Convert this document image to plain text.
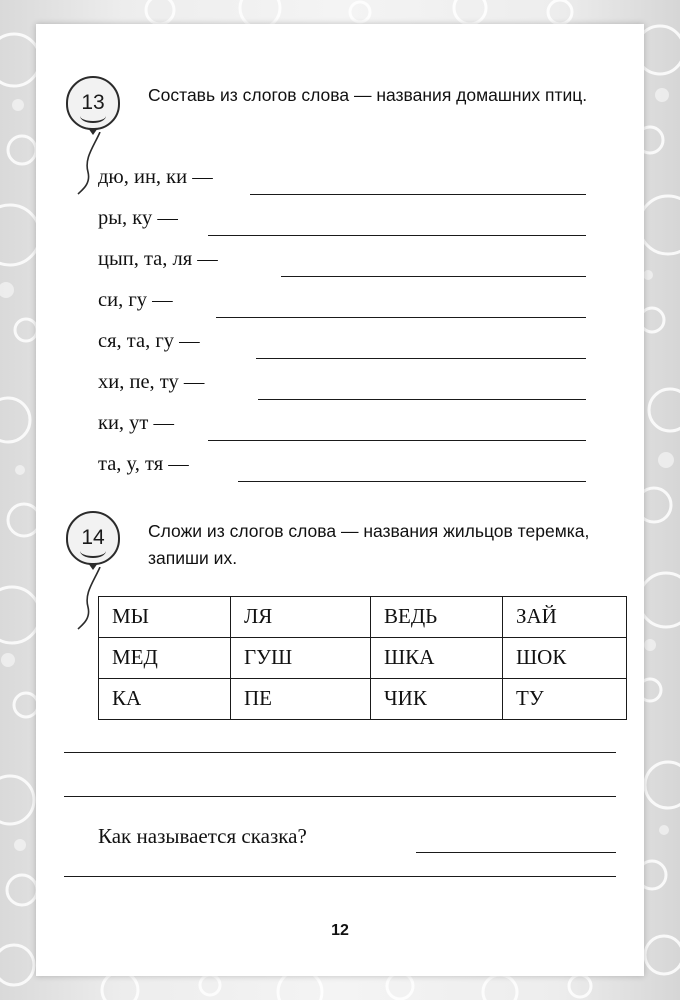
13	Составь из слогов слова — названия домашних птиц.
дю, ин, ки —
ры, ку —
цып, та, ля —
си, гу —
ся, та, гу —
хи, пе, ту —
ки, ут —
та, у, тя —
14	Сложи из слогов слова — названия жильцов теремка, запиши их.
МЫ	ЛЯ	ВЕДЬ	ЗАЙ
МЕД	ГУШ	ШКА	ШОК
КА	ПЕ	ЧИК	ТУ
Как называется сказка?
12
